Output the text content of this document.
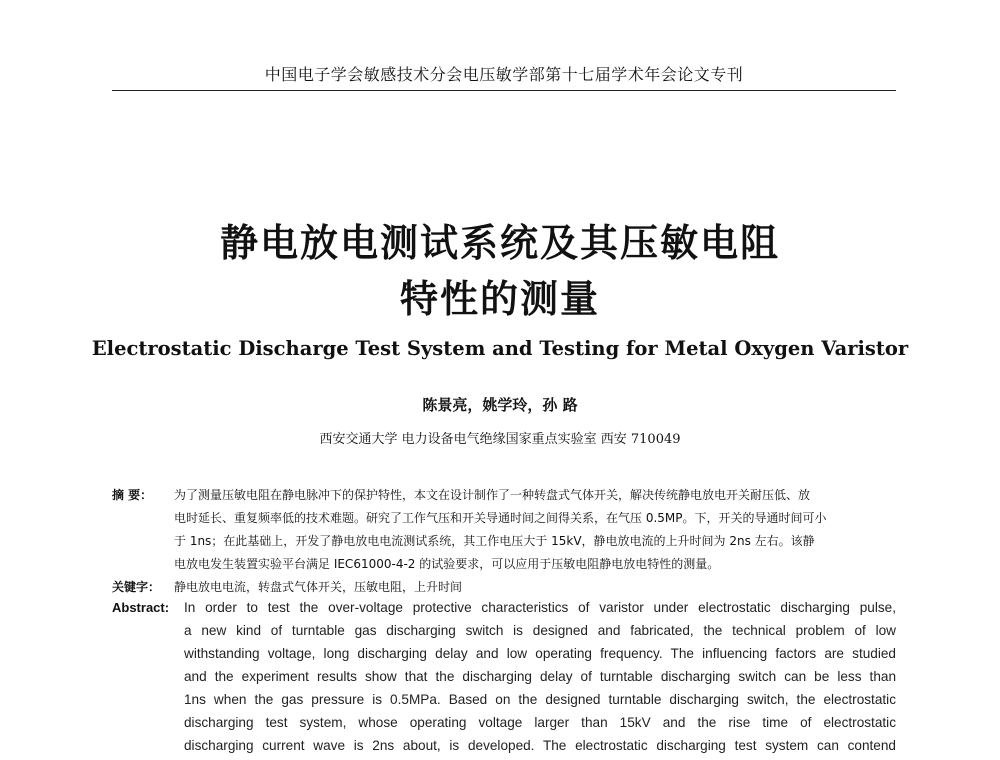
中国电子学会敏感技术分会电压敏学部第十七届学术年会论文专刊
静电放电测试系统及其压敏电阻
特性的测量
Electrostatic Discharge Test System and Testing for Metal Oxygen Varistor
陈景亮，姚学玲，孙 路
西安交通大学 电力设备电气绝缘国家重点实验室 西安 710049
摘 要： 为了测量压敏电阻在静电脉冲下的保护特性，本文在设计制作了一种转盘式气体开关，解决传统静电放电开关耐压低、放
电时延长、重复频率低的技术难题。研究了工作气压和开关导通时间之间得关系，在气压 0.5MP。下，开关的导通时间可小
于 1ns；在此基础上，开发了静电放电电流测试系统，其工作电压大于 15kV，静电放电流的上升时间为 2ns 左右。该静
电放电发生装置实验平台满足 IEC61000-4-2 的试验要求，可以应用于压敏电阻静电放电特性的测量。
关键字： 静电放电电流，转盘式气体开关，压敏电阻，上升时间
Abstract: In order to test the over-voltage protective characteristics of varistor under electrostatic discharging pulse,
a new kind of turntable gas discharging switch is designed and fabricated, the technical problem of low
withstanding voltage, long discharging delay and low operating frequency. The influencing factors are studied
and the experiment results show that the discharging delay of turntable discharging switch can be less than
1ns when the gas pressure is 0.5MPa. Based on the designed turntable discharging switch, the electrostatic
discharging test system, whose operating voltage larger than 15kV and the rise time of electrostatic
discharging current wave is 2ns about, is developed. The electrostatic discharging test system can contend
